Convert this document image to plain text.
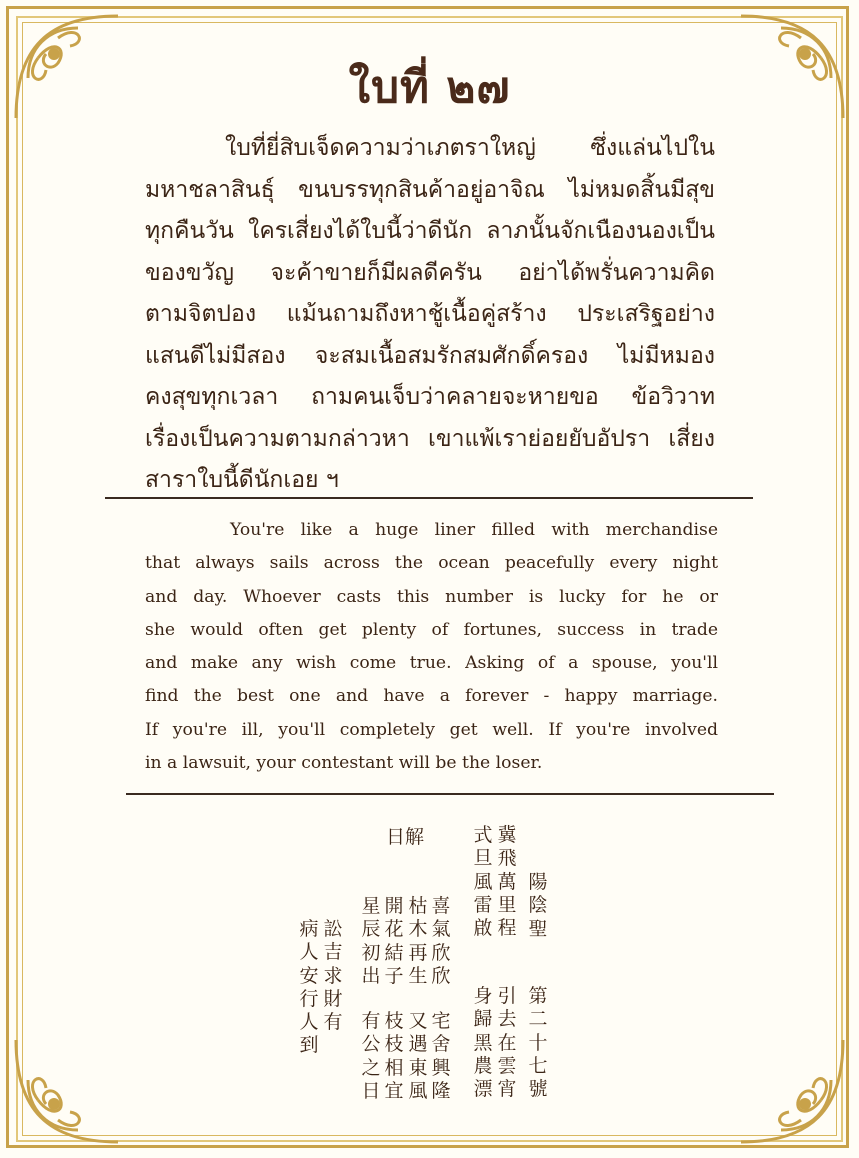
ใบที่ ๒๗
ใบที่ยี่สิบเจ็ดความว่าเภตราใหญ่ ซึ่งแล่นไปใน
มหาชลาสินธุ์ ขนบรรทุกสินค้าอยู่อาจิณ ไม่หมดสิ้นมีสุข
ทุกคืนวัน ใครเสี่ยงได้ใบนี้ว่าดีนัก ลาภนั้นจักเนืองนองเป็น
ของขวัญ จะค้าขายก็มีผลดีครัน อย่าได้พรั่นความคิด
ตามจิตปอง แม้นถามถึงหาชู้เนื้อคู่สร้าง ประเสริฐอย่าง
แสนดีไม่มีสอง จะสมเนื้อสมรักสมศักดิ์ครอง ไม่มีหมอง
คงสุขทุกเวลา ถามคนเจ็บว่าคลายจะหายขอ ข้อวิวาท
เรื่องเป็นความตามกล่าวหา เขาแพ้เราย่อยยับอัปรา เสี่ยง
สาราใบนี้ดีนักเอย ฯ
You're like a huge liner filled with merchandise
that always sails across the ocean peacefully every night
and day. Whoever casts this number is lucky for he or
she would often get plenty of fortunes, success in trade
and make any wish come true. Asking of a spouse, you'll
find the best one and have a forever - happy marriage.
If you're ill, you'll completely get well. If you're involved
in a lawsuit, your contestant will be the loser.
第
二
十
七
號
陽
陰
聖
冀
飛
萬
里
程
式
旦
風
雷
啟
引
去
在
雲
宵
身
歸
黑
農
漂
喜
氣
欣
欣
枯
木
再
生
開
花
結
子
星
辰
初
出
宅
舍
興
隆
又
遇
東
風
枝
枝
相
宜
有
公
之
日
日解
訟
吉
求
財
有
病
人
安
行
人
到
